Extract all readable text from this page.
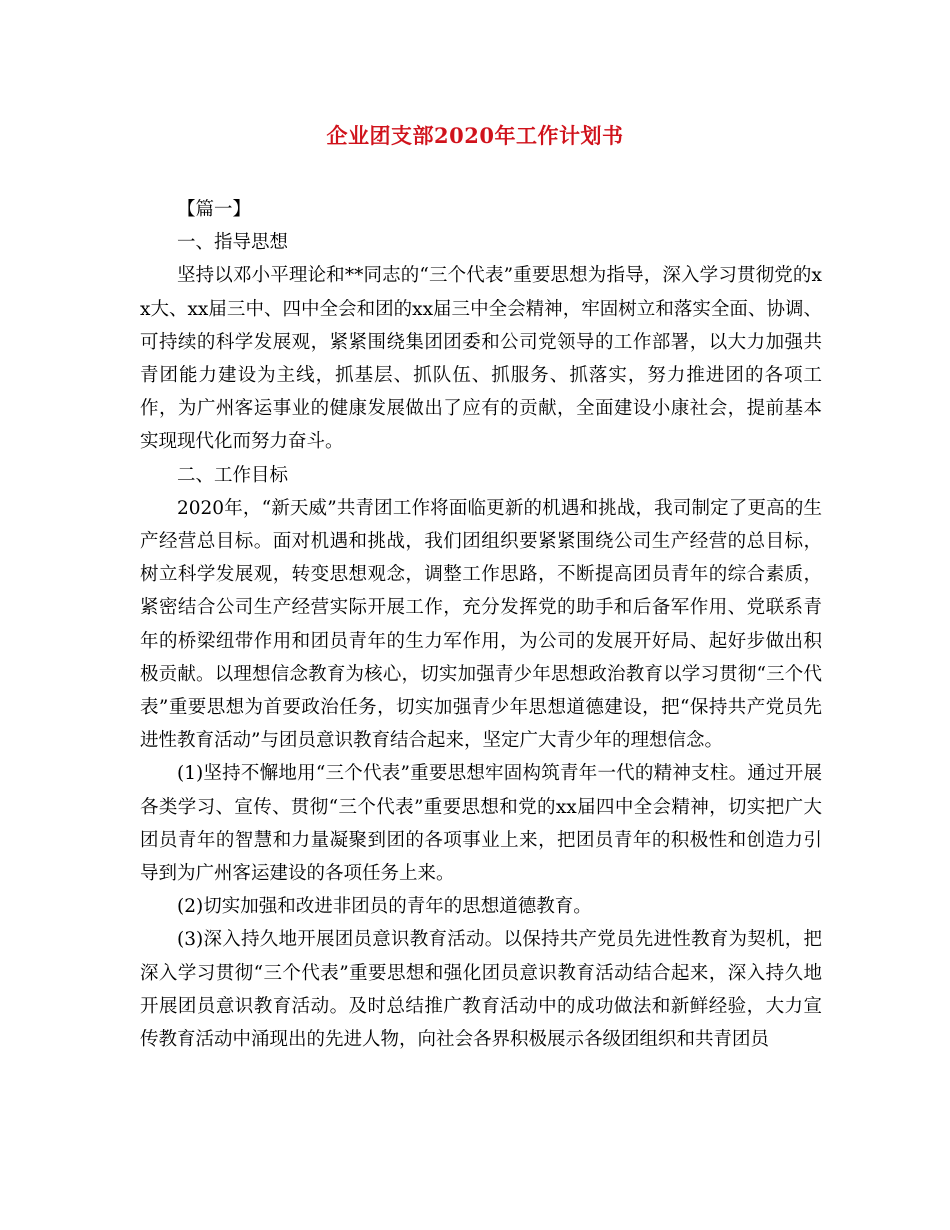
企业团支部2020年工作计划书

【篇一】

一、指导思想

坚持以邓小平理论和**同志的“三个代表”重要思想为指导，深入学习贯彻党的xx大、xx届三中、四中全会和团的xx届三中全会精神，牢固树立和落实全面、协调、可持续的科学发展观，紧紧围绕集团团委和公司党领导的工作部署，以大力加强共青团能力建设为主线，抓基层、抓队伍、抓服务、抓落实，努力推进团的各项工作，为广州客运事业的健康发展做出了应有的贡献，全面建设小康社会，提前基本实现现代化而努力奋斗。

二、工作目标

2020年，“新天威”共青团工作将面临更新的机遇和挑战，我司制定了更高的生产经营总目标。面对机遇和挑战，我们团组织要紧紧围绕公司生产经营的总目标，树立科学发展观，转变思想观念，调整工作思路，不断提高团员青年的综合素质，紧密结合公司生产经营实际开展工作，充分发挥党的助手和后备军作用、党联系青年的桥梁纽带作用和团员青年的生力军作用，为公司的发展开好局、起好步做出积极贡献。以理想信念教育为核心，切实加强青少年思想政治教育以学习贯彻“三个代表”重要思想为首要政治任务，切实加强青少年思想道德建设，把“保持共产党员先进性教育活动”与团员意识教育结合起来，坚定广大青少年的理想信念。

(1)坚持不懈地用“三个代表”重要思想牢固构筑青年一代的精神支柱。通过开展各类学习、宣传、贯彻“三个代表”重要思想和党的xx届四中全会精神，切实把广大团员青年的智慧和力量凝聚到团的各项事业上来，把团员青年的积极性和创造力引导到为广州客运建设的各项任务上来。

(2)切实加强和改进非团员的青年的思想道德教育。

(3)深入持久地开展团员意识教育活动。以保持共产党员先进性教育为契机，把深入学习贯彻“三个代表”重要思想和强化团员意识教育活动结合起来，深入持久地开展团员意识教育活动。及时总结推广教育活动中的成功做法和新鲜经验，大力宣传教育活动中涌现出的先进人物，向社会各界积极展示各级团组织和共青团员
